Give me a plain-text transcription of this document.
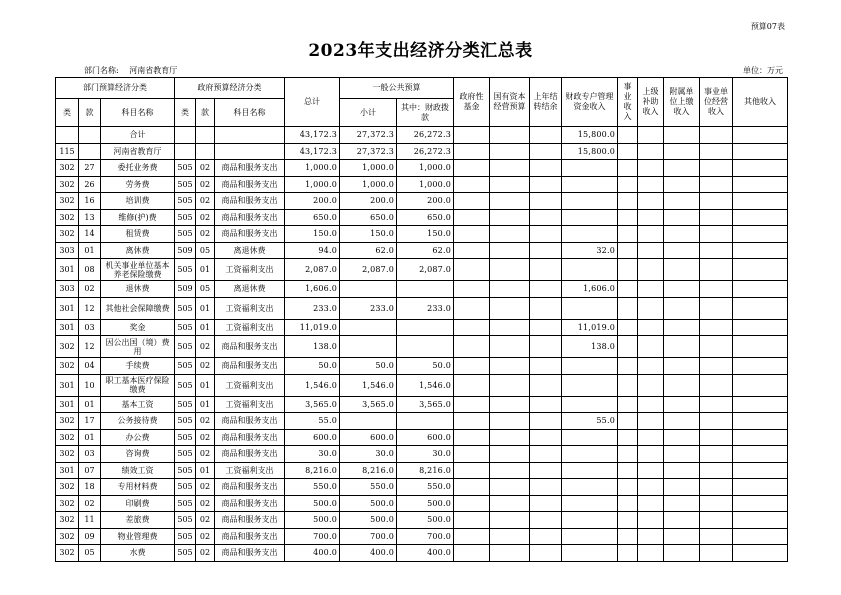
预算07表
2023年支出经济分类汇总表
部门名称: 河南省教育厅	单位：万元
部门预算经济分类			政府预算经济分类			总计	一般公共预算		政府性基金	国有资本经营预算	上年结转结余	财政专户管理资金收入	事业收入	上级补助收入	附属单位上缴收入	事业单位经营收入	其他收入
类	款	科目名称	类	款	科目名称		小计	其中：财政拨款									
		合计				43,172.3	27,372.3	26,272.3				15,800.0					
115		河南省教育厅				43,172.3	27,372.3	26,272.3				15,800.0					
302	27	委托业务费	505	02	商品和服务支出	1,000.0	1,000.0	1,000.0									
302	26	劳务费	505	02	商品和服务支出	1,000.0	1,000.0	1,000.0									
302	16	培训费	505	02	商品和服务支出	200.0	200.0	200.0									
302	13	维修(护)费	505	02	商品和服务支出	650.0	650.0	650.0									
302	14	租赁费	505	02	商品和服务支出	150.0	150.0	150.0									
303	01	离休费	509	05	离退休费	94.0	62.0	62.0				32.0					
301	08	机关事业单位基本养老保险缴费	505	01	工资福利支出	2,087.0	2,087.0	2,087.0									
303	02	退休费	509	05	离退休费	1,606.0						1,606.0					
301	12	其他社会保障缴费	505	01	工资福利支出	233.0	233.0	233.0									
301	03	奖金	505	01	工资福利支出	11,019.0						11,019.0					
302	12	因公出国（境）费用	505	02	商品和服务支出	138.0						138.0					
302	04	手续费	505	02	商品和服务支出	50.0	50.0	50.0									
301	10	职工基本医疗保险缴费	505	01	工资福利支出	1,546.0	1,546.0	1,546.0									
301	01	基本工资	505	01	工资福利支出	3,565.0	3,565.0	3,565.0									
302	17	公务接待费	505	02	商品和服务支出	55.0						55.0					
302	01	办公费	505	02	商品和服务支出	600.0	600.0	600.0									
302	03	咨询费	505	02	商品和服务支出	30.0	30.0	30.0									
301	07	绩效工资	505	01	工资福利支出	8,216.0	8,216.0	8,216.0									
302	18	专用材料费	505	02	商品和服务支出	550.0	550.0	550.0									
302	02	印刷费	505	02	商品和服务支出	500.0	500.0	500.0									
302	11	差旅费	505	02	商品和服务支出	500.0	500.0	500.0									
302	09	物业管理费	505	02	商品和服务支出	700.0	700.0	700.0									
302	05	水费	505	02	商品和服务支出	400.0	400.0	400.0									
